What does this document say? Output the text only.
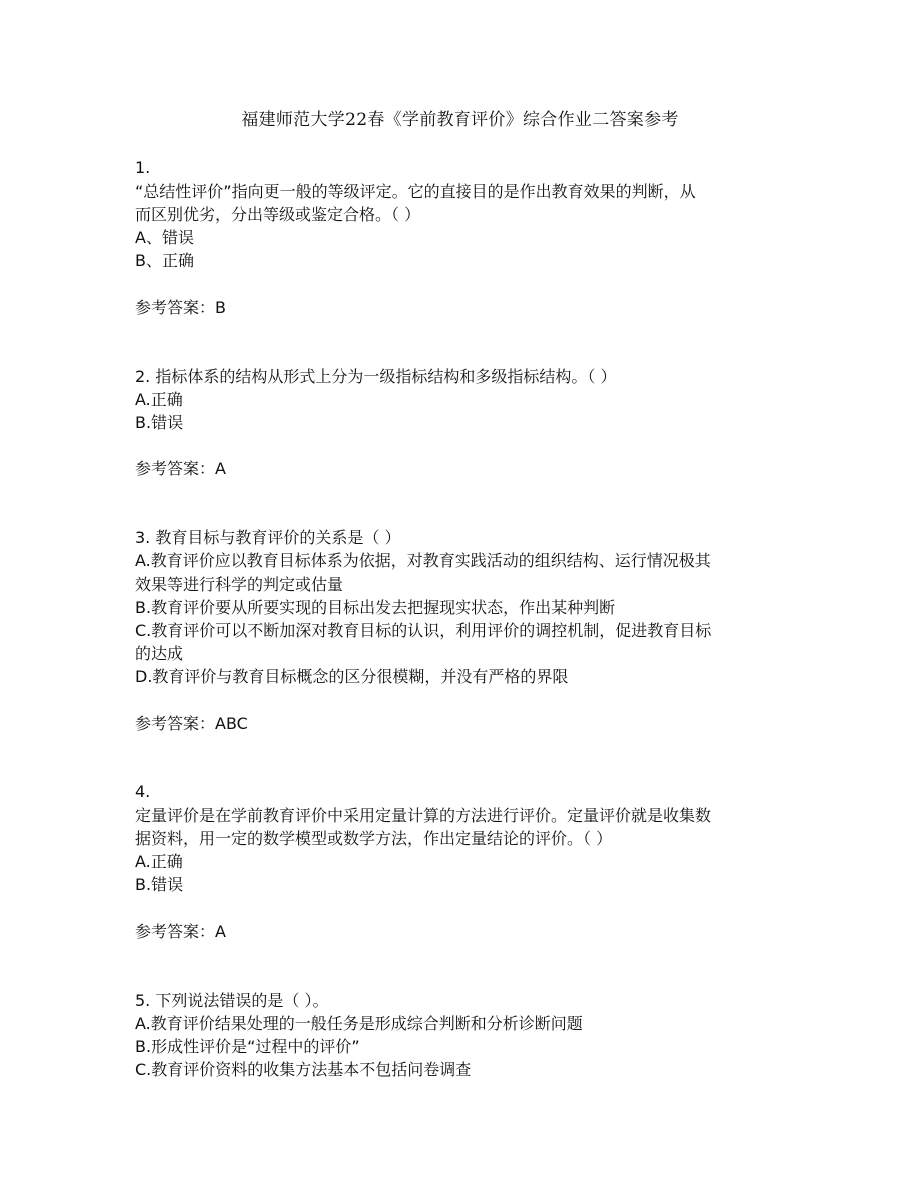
福建师范大学22春《学前教育评价》综合作业二答案参考
1.
“总结性评价”指向更一般的等级评定。它的直接目的是作出教育效果的判断，从
而区别优劣，分出等级或鉴定合格。（ ）
A、错误
B、正确
参考答案：B
2. 指标体系的结构从形式上分为一级指标结构和多级指标结构。（ ）
A.正确
B.错误
参考答案：A
3. 教育目标与教育评价的关系是（ ）
A.教育评价应以教育目标体系为依据，对教育实践活动的组织结构、运行情况极其
效果等进行科学的判定或估量
B.教育评价要从所要实现的目标出发去把握现实状态，作出某种判断
C.教育评价可以不断加深对教育目标的认识，利用评价的调控机制，促进教育目标
的达成
D.教育评价与教育目标概念的区分很模糊，并没有严格的界限
参考答案：ABC
4.
定量评价是在学前教育评价中采用定量计算的方法进行评价。定量评价就是收集数
据资料，用一定的数学模型或数学方法，作出定量结论的评价。（ ）
A.正确
B.错误
参考答案：A
5. 下列说法错误的是（ ）。
A.教育评价结果处理的一般任务是形成综合判断和分析诊断问题
B.形成性评价是“过程中的评价”
C.教育评价资料的收集方法基本不包括问卷调查
